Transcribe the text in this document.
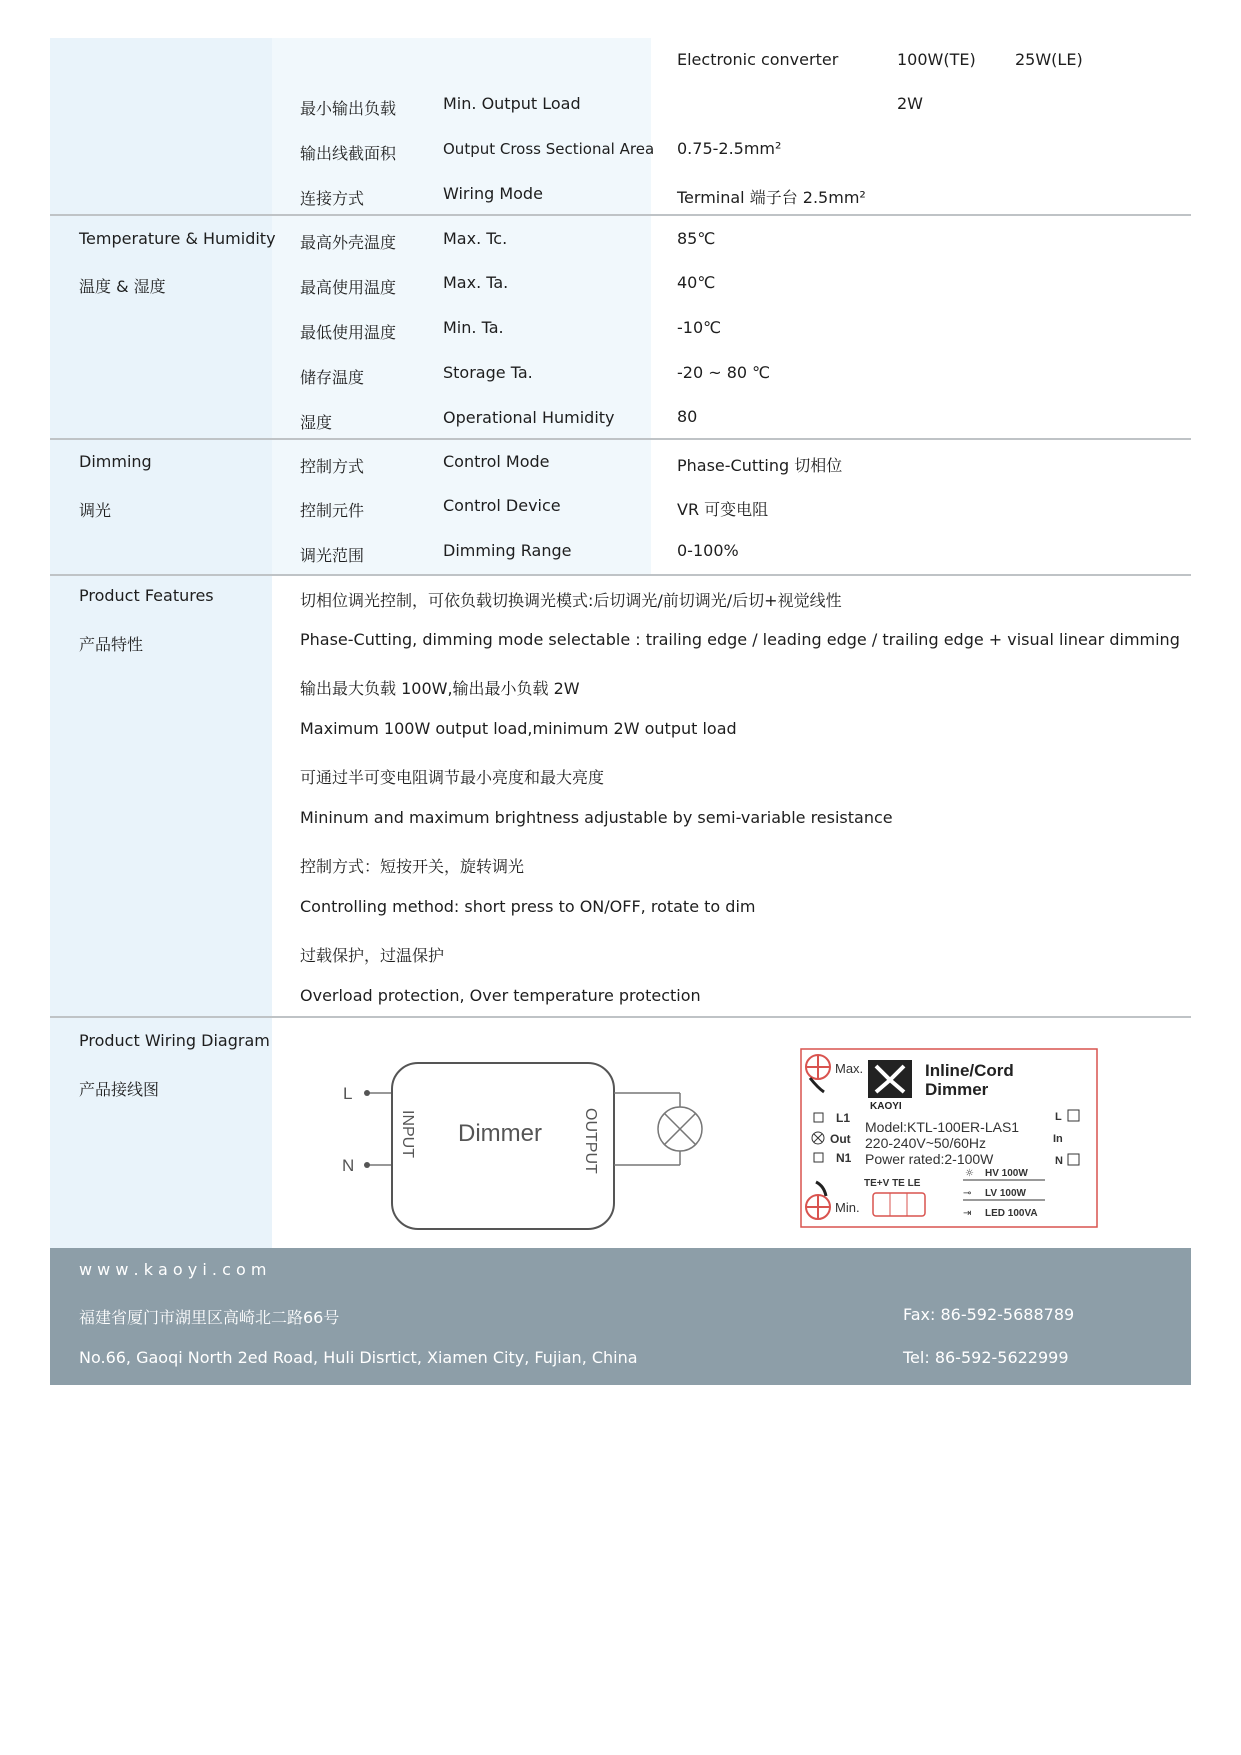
Electronic converter	100W(TE) 25W(LE)
最小输出负载	Min. Output Load	2W
输出线截面积	Output Cross Sectional Area 0.75-2.5mm²
连接方式	Wiring Mode	Terminal 端子台 2.5mm²
Temperature & Humidity
温度 & 湿度
最高外壳温度	Max. Tc.	85℃
最高使用温度	Max. Ta.	40℃
最低使用温度	Min. Ta.	-10℃
储存温度	Storage Ta.	-20 ~ 80 ℃
湿度	Operational Humidity	80
Dimming
调光
控制方式	Control Mode	Phase-Cutting 切相位
控制元件	Control Device	VR 可变电阻
调光范围	Dimming Range	0-100%
Product Features
产品特性
切相位调光控制，可依负载切换调光模式:后切调光/前切调光/后切+视觉线性
Phase-Cutting, dimming mode selectable : trailing edge / leading edge / trailing edge + visual linear dimming
输出最大负载 100W,输出最小负载 2W
Maximum 100W output load,minimum 2W output load
可通过半可变电阻调节最小亮度和最大亮度
Mininum and maximum brightness adjustable by semi-variable resistance
控制方式：短按开关，旋转调光
Controlling method: short press to ON/OFF, rotate to dim
过载保护，过温保护
Overload protection, Over temperature protection
Product Wiring Diagram
产品接线图	L
N
INPUT	OUTPUT
Dimmer
Max.
KAOYI
Inline/Cord
Dimmer
L1
Out
N1
Model:KTL-100ER-LAS1
220-240V~50/60Hz
Power rated:2-100W
L
In
N
TE+V TE LE
☼ HV 100W
⊸ LV 100W
⇥ LED 100VA
Min.
w w w . k a o y i . c o m
福建省厦门市湖里区高崎北二路66号
No.66, Gaoqi North 2ed Road, Huli Disrtict, Xiamen City, Fujian, China
Fax: 86-592-5688789
Tel: 86-592-5622999
